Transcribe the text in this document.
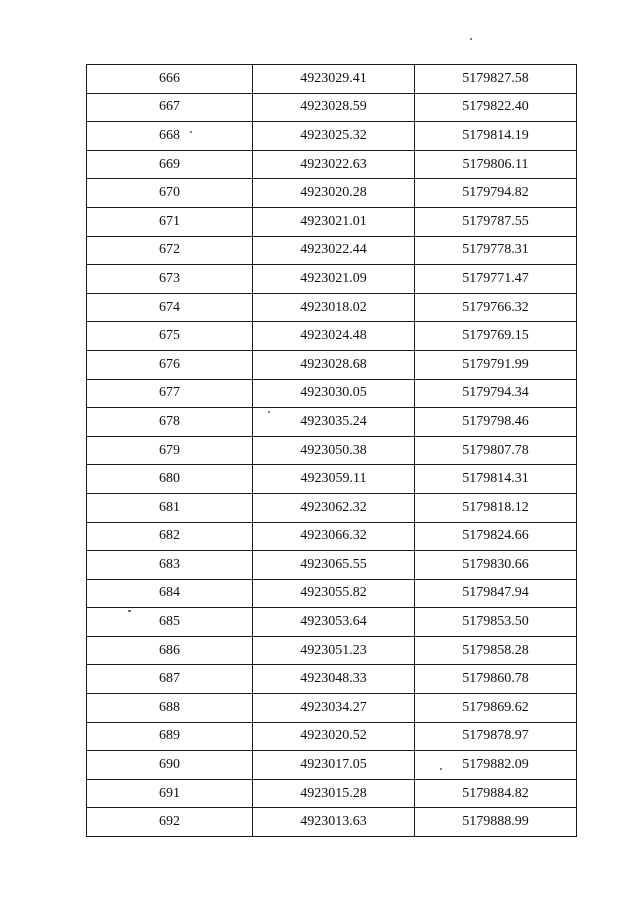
666	4923029.41	5179827.58
667	4923028.59	5179822.40
668	4923025.32	5179814.19
669	4923022.63	5179806.11
670	4923020.28	5179794.82
671	4923021.01	5179787.55
672	4923022.44	5179778.31
673	4923021.09	5179771.47
674	4923018.02	5179766.32
675	4923024.48	5179769.15
676	4923028.68	5179791.99
677	4923030.05	5179794.34
678	4923035.24	5179798.46
679	4923050.38	5179807.78
680	4923059.11	5179814.31
681	4923062.32	5179818.12
682	4923066.32	5179824.66
683	4923065.55	5179830.66
684	4923055.82	5179847.94
685	4923053.64	5179853.50
686	4923051.23	5179858.28
687	4923048.33	5179860.78
688	4923034.27	5179869.62
689	4923020.52	5179878.97
690	4923017.05	5179882.09
691	4923015.28	5179884.82
692	4923013.63	5179888.99
